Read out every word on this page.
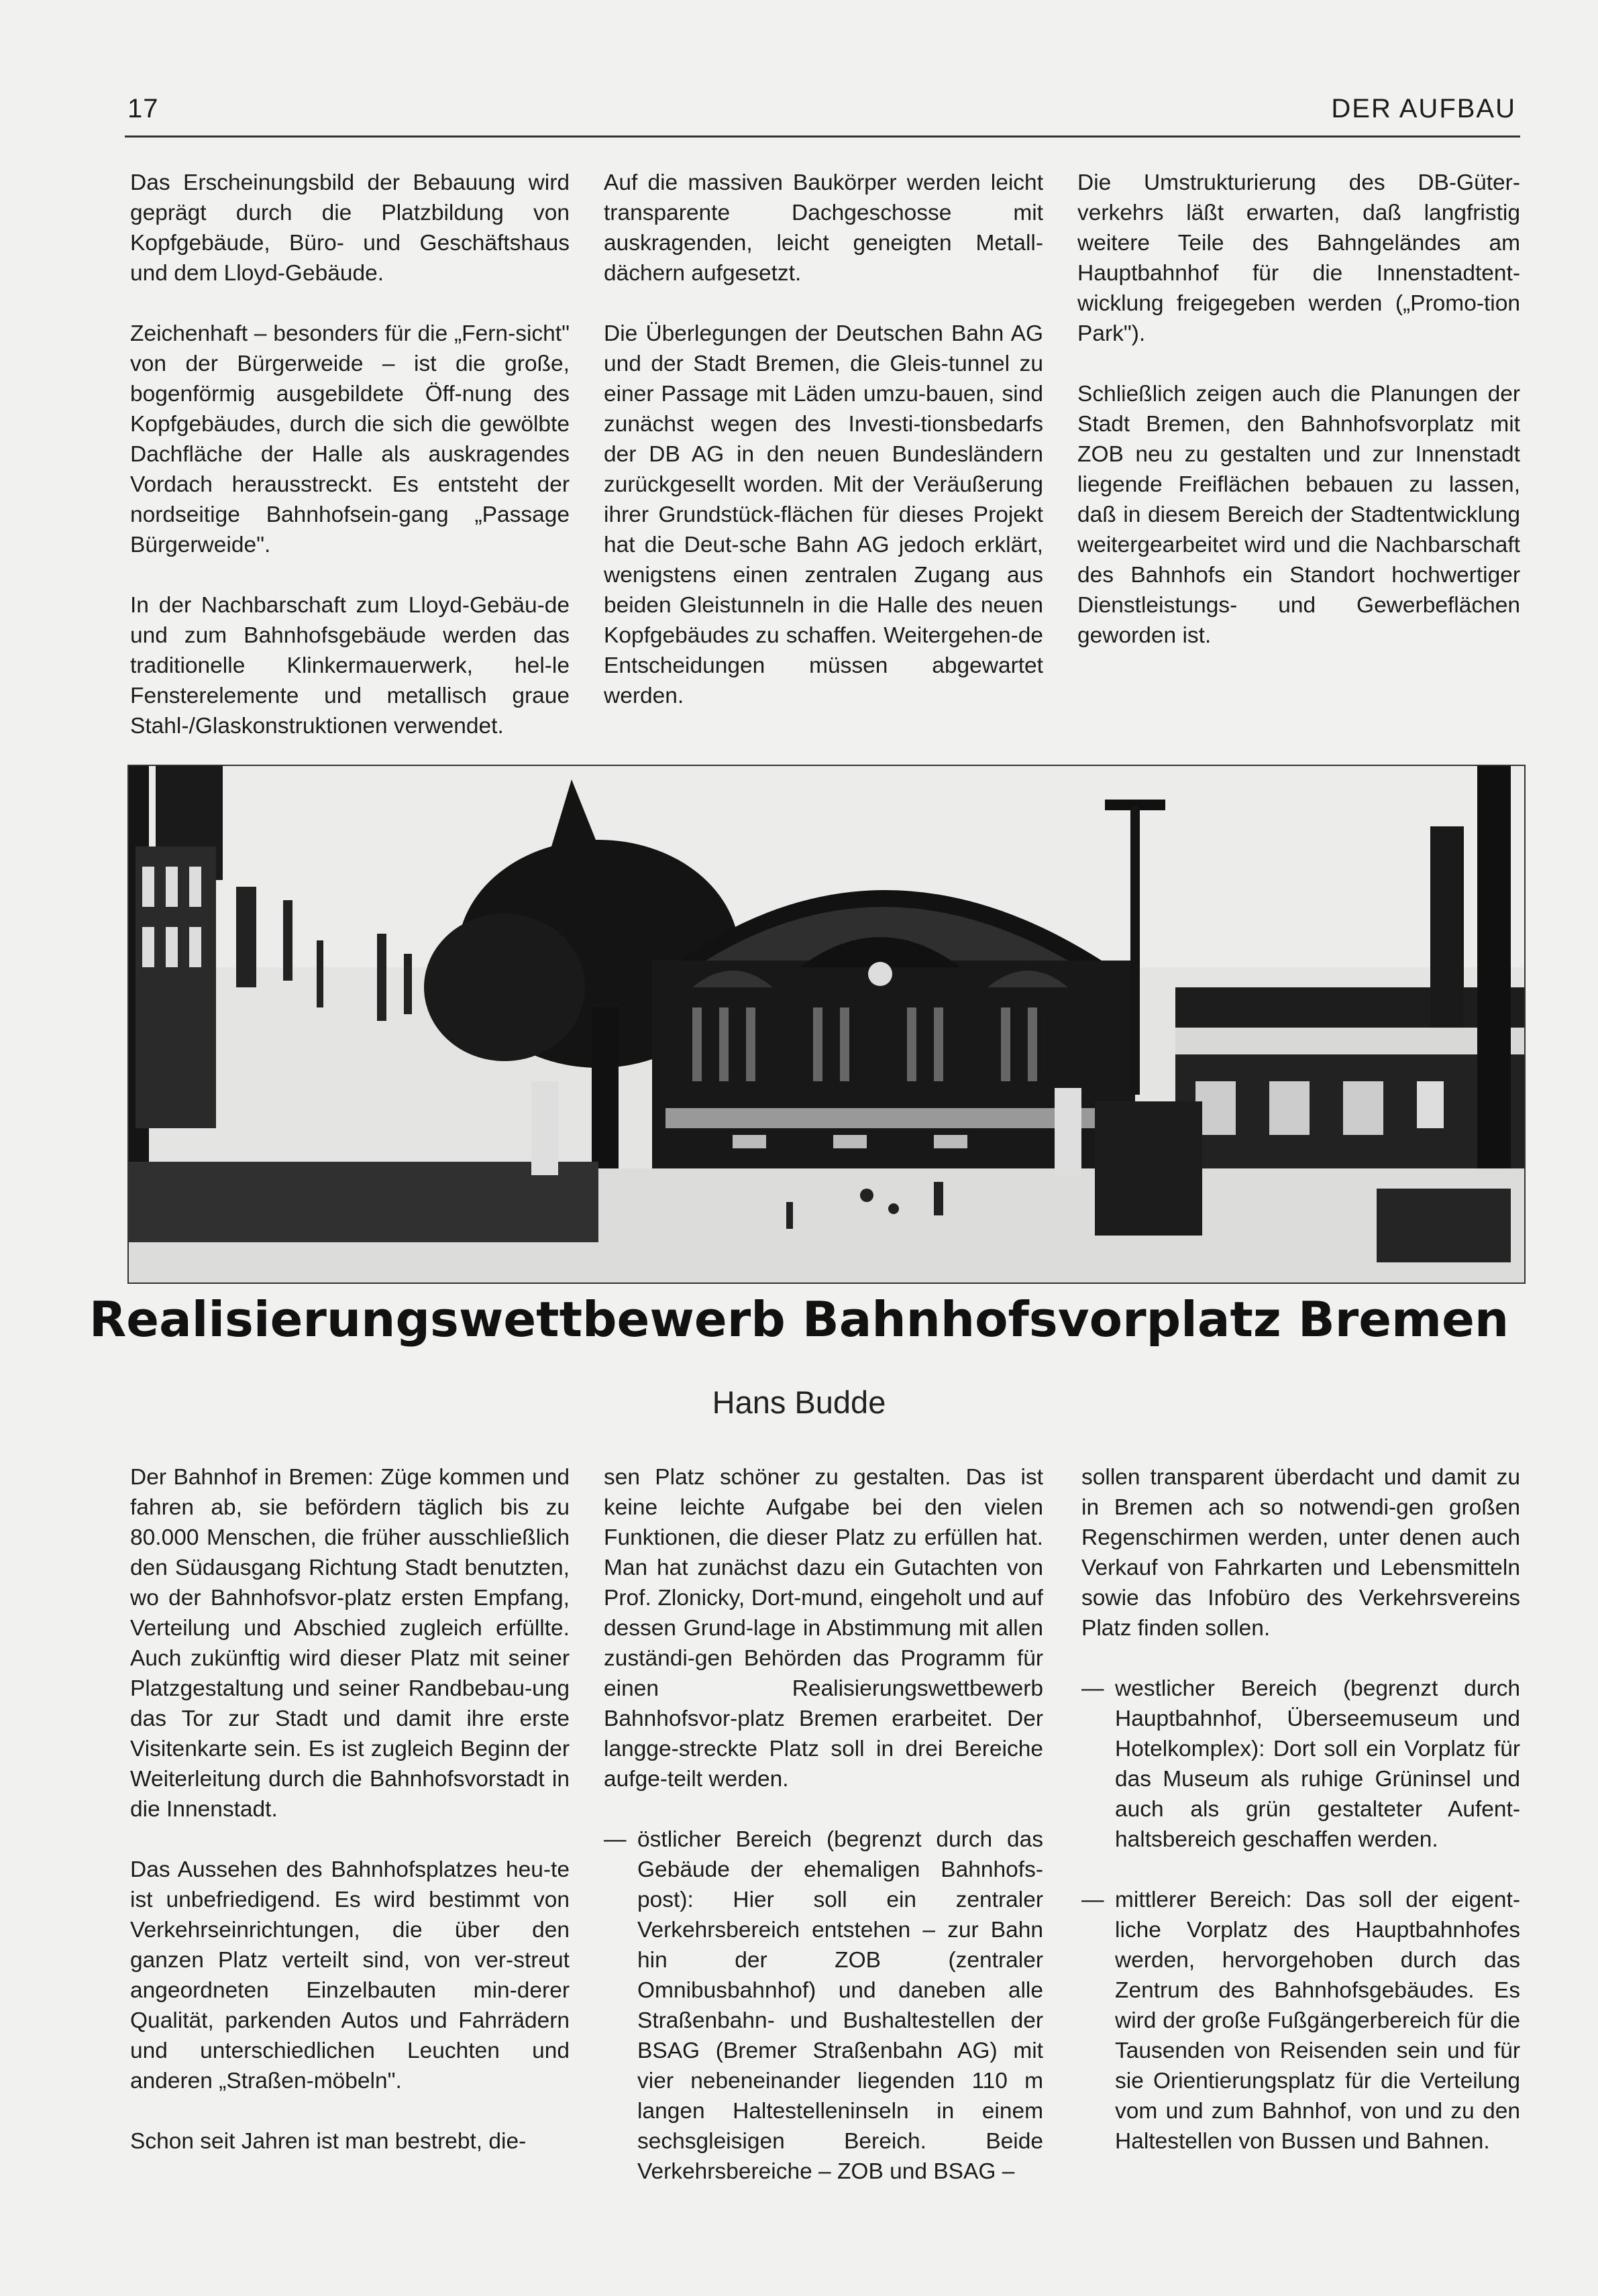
17	DER AUFBAU

Das Erscheinungsbild der Bebauung wird geprägt durch die Platzbildung von Kopfgebäude, Büro- und Geschäftshaus und dem Lloyd-Gebäude.

Zeichenhaft – besonders für die „Fern-sicht" von der Bürgerweide – ist die große, bogenförmig ausgebildete Öff-nung des Kopfgebäudes, durch die sich die gewölbte Dachfläche der Halle als auskragendes Vordach herausstreckt. Es entsteht der nordseitige Bahnhofsein-gang „Passage Bürgerweide".

In der Nachbarschaft zum Lloyd-Gebäu-de und zum Bahnhofsgebäude werden das traditionelle Klinkermauerwerk, hel-le Fensterelemente und metallisch graue Stahl-/Glaskonstruktionen verwendet.

Auf die massiven Baukörper werden leicht transparente Dachgeschosse mit auskragenden, leicht geneigten Metall-dächern aufgesetzt.

Die Überlegungen der Deutschen Bahn AG und der Stadt Bremen, die Gleis-tunnel zu einer Passage mit Läden umzu-bauen, sind zunächst wegen des Investi-tionsbedarfs der DB AG in den neuen Bundesländern zurückgesellt worden. Mit der Veräußerung ihrer Grundstück-flächen für dieses Projekt hat die Deut-sche Bahn AG jedoch erklärt, wenigstens einen zentralen Zugang aus beiden Gleistunneln in die Halle des neuen Kopfgebäudes zu schaffen. Weitergehen-de Entscheidungen müssen abgewartet werden.

Die Umstrukturierung des DB-Güter-verkehrs läßt erwarten, daß langfristig weitere Teile des Bahngeländes am Hauptbahnhof für die Innenstadtent-wicklung freigegeben werden („Promo-tion Park").

Schließlich zeigen auch die Planungen der Stadt Bremen, den Bahnhofsvorplatz mit ZOB neu zu gestalten und zur Innenstadt liegende Freiflächen bebauen zu lassen, daß in diesem Bereich der Stadtentwicklung weitergearbeitet wird und die Nachbarschaft des Bahnhofs ein Standort hochwertiger Dienstleistungs- und Gewerbeflächen geworden ist.

Realisierungswettbewerb Bahnhofsvorplatz Bremen
Hans Budde

Der Bahnhof in Bremen: Züge kommen und fahren ab, sie befördern täglich bis zu 80.000 Menschen, die früher ausschließlich den Südausgang Richtung Stadt benutzten, wo der Bahnhofsvor-platz ersten Empfang, Verteilung und Abschied zugleich erfüllte. Auch zukünftig wird dieser Platz mit seiner Platzgestaltung und seiner Randbebau-ung das Tor zur Stadt und damit ihre erste Visitenkarte sein. Es ist zugleich Beginn der Weiterleitung durch die Bahnhofsvorstadt in die Innenstadt.

Das Aussehen des Bahnhofsplatzes heu-te ist unbefriedigend. Es wird bestimmt von Verkehrseinrichtungen, die über den ganzen Platz verteilt sind, von ver-streut angeordneten Einzelbauten min-derer Qualität, parkenden Autos und Fahrrädern und unterschiedlichen Leuchten und anderen „Straßen-möbeln".

Schon seit Jahren ist man bestrebt, die-

sen Platz schöner zu gestalten. Das ist keine leichte Aufgabe bei den vielen Funktionen, die dieser Platz zu erfüllen hat. Man hat zunächst dazu ein Gutachten von Prof. Zlonicky, Dort-mund, eingeholt und auf dessen Grund-lage in Abstimmung mit allen zuständi-gen Behörden das Programm für einen Realisierungswettbewerb Bahnhofsvor-platz Bremen erarbeitet. Der langge-streckte Platz soll in drei Bereiche aufge-teilt werden.

— östlicher Bereich (begrenzt durch das Gebäude der ehemaligen Bahnhofs-post): Hier soll ein zentraler Verkehrsbereich entstehen – zur Bahn hin der ZOB (zentraler Omnibusbahnhof) und daneben alle Straßenbahn- und Bushaltestellen der BSAG (Bremer Straßenbahn AG) mit vier nebeneinander liegenden 110 m langen Haltestelleninseln in einem sechsgleisigen Bereich. Beide Verkehrsbereiche – ZOB und BSAG –

sollen transparent überdacht und damit zu in Bremen ach so notwendi-gen großen Regenschirmen werden, unter denen auch Verkauf von Fahrkarten und Lebensmitteln sowie das Infobüro des Verkehrsvereins Platz finden sollen.

— westlicher Bereich (begrenzt durch Hauptbahnhof, Überseemuseum und Hotelkomplex): Dort soll ein Vorplatz für das Museum als ruhige Grüninsel und auch als grün gestalteter Aufent-haltsbereich geschaffen werden.
— mittlerer Bereich: Das soll der eigent-liche Vorplatz des Hauptbahnhofes werden, hervorgehoben durch das Zentrum des Bahnhofsgebäudes. Es wird der große Fußgängerbereich für die Tausenden von Reisenden sein und für sie Orientierungsplatz für die Verteilung vom und zum Bahnhof, von und zu den Haltestellen von Bussen und Bahnen.
